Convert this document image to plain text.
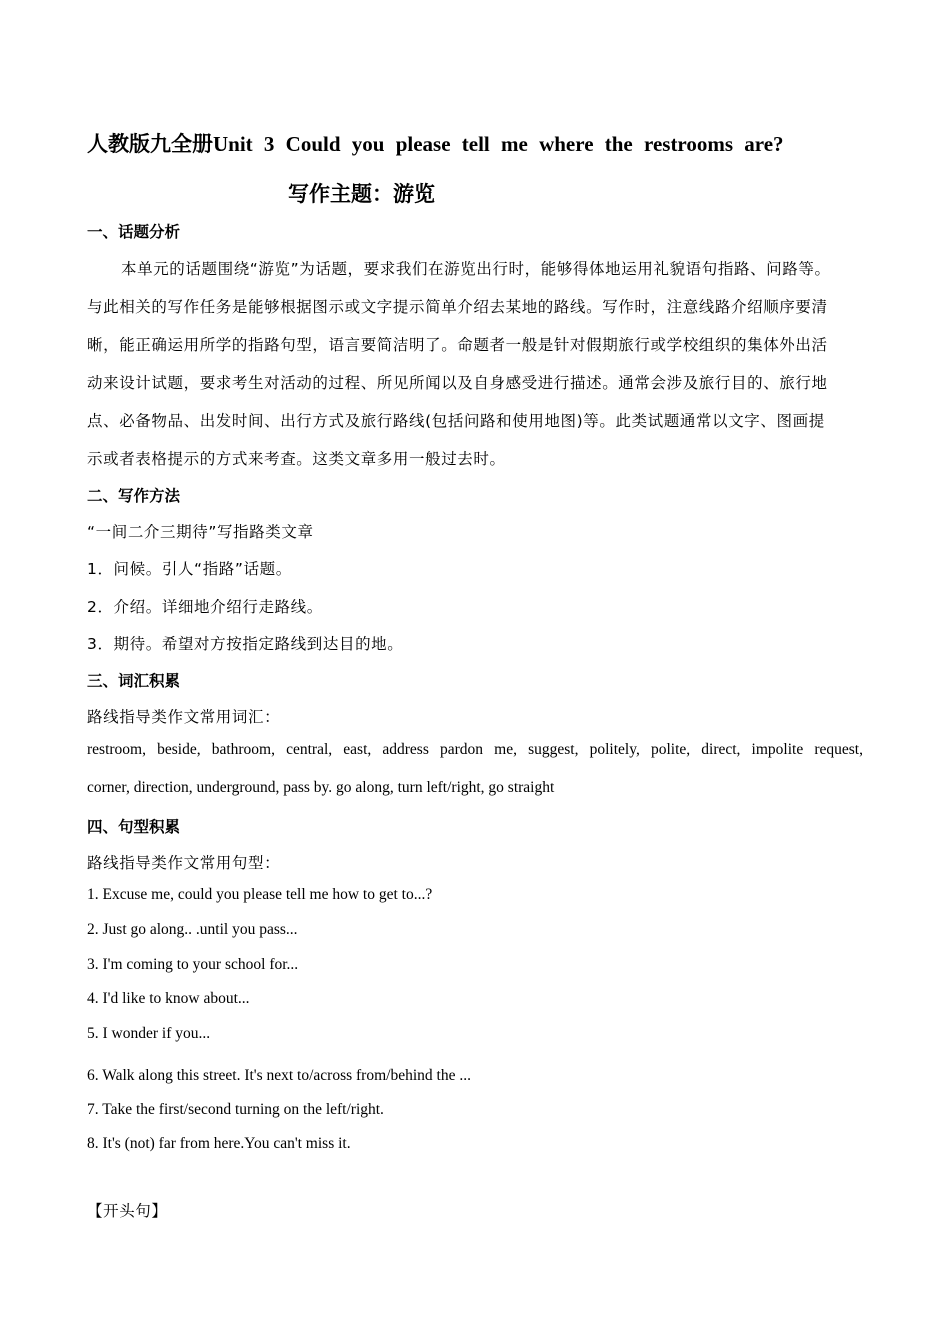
人教版九全册Unit 3 Could you please tell me where the restrooms are?
写作主题：游览
一、话题分析
本单元的话题围绕“游览”为话题，要求我们在游览出行时，能够得体地运用礼貌语句指路、问路等。
与此相关的写作任务是能够根据图示或文字提示简单介绍去某地的路线。写作时，注意线路介绍顺序要清
晰，能正确运用所学的指路句型，语言要简洁明了。命题者一般是针对假期旅行或学校组织的集体外出活
动来设计试题，要求考生对活动的过程、所见所闻以及自身感受进行描述。通常会涉及旅行目的、旅行地
点、必备物品、出发时间、出行方式及旅行路线(包括问路和使用地图)等。此类试题通常以文字、图画提
示或者表格提示的方式来考查。这类文章多用一般过去时。
二、写作方法
“一间二介三期待”写指路类文章
1．问候。引人“指路”话题。
2．介绍。详细地介绍行走路线。
3．期待。希望对方按指定路线到达目的地。
三、词汇积累
路线指导类作文常用词汇：
restroom, beside, bathroom, central, east, address pardon me, suggest, politely, polite, direct, impolite request,
corner, direction, underground, pass by. go along, turn left/right, go straight
四、句型积累
路线指导类作文常用句型：
1. Excuse me, could you please tell me how to get to...?
2. Just go along.. .until you pass...
3. I'm coming to your school for...
4. I'd like to know about...
5. I wonder if you...
6. Walk along this street. It's next to/across from/behind the ...
7. Take the first/second turning on the left/right.
8. It's (not) far from here.You can't miss it.
【开头句】
